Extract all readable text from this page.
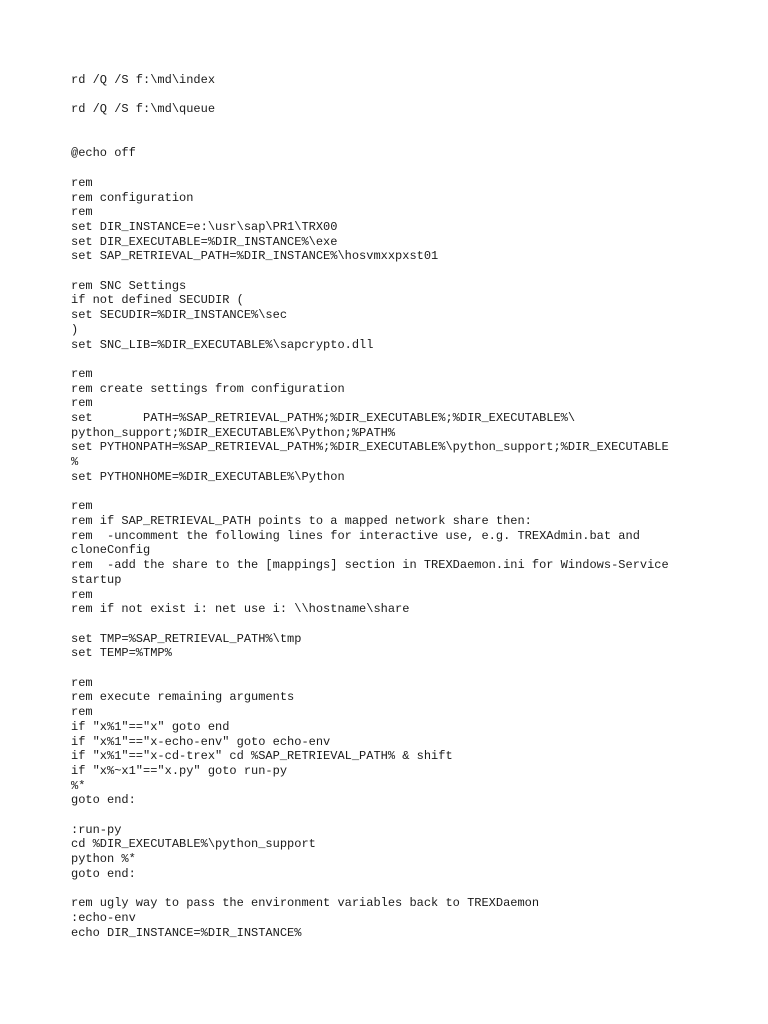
rd /Q /S f:\md\index
rd /Q /S f:\md\queue
@echo off
rem
rem configuration
rem
set DIR_INSTANCE=e:\usr\sap\PR1\TRX00
set DIR_EXECUTABLE=%DIR_INSTANCE%\exe
set SAP_RETRIEVAL_PATH=%DIR_INSTANCE%\hosvmxxpxst01
rem SNC Settings
if not defined SECUDIR (
set SECUDIR=%DIR_INSTANCE%\sec
)
set SNC_LIB=%DIR_EXECUTABLE%\sapcrypto.dll
rem
rem create settings from configuration
rem
set       PATH=%SAP_RETRIEVAL_PATH%;%DIR_EXECUTABLE%;%DIR_EXECUTABLE%\
python_support;%DIR_EXECUTABLE%\Python;%PATH%
set PYTHONPATH=%SAP_RETRIEVAL_PATH%;%DIR_EXECUTABLE%\python_support;%DIR_EXECUTABLE
%
set PYTHONHOME=%DIR_EXECUTABLE%\Python
rem
rem if SAP_RETRIEVAL_PATH points to a mapped network share then:
rem  -uncomment the following lines for interactive use, e.g. TREXAdmin.bat and
cloneConfig
rem  -add the share to the [mappings] section in TREXDaemon.ini for Windows-Service
startup
rem
rem if not exist i: net use i: \\hostname\share
set TMP=%SAP_RETRIEVAL_PATH%\tmp
set TEMP=%TMP%
rem
rem execute remaining arguments
rem
if "x%1"=="x" goto end
if "x%1"=="x-echo-env" goto echo-env
if "x%1"=="x-cd-trex" cd %SAP_RETRIEVAL_PATH% & shift
if "x%~x1"=="x.py" goto run-py
%*
goto end:
:run-py
cd %DIR_EXECUTABLE%\python_support
python %*
goto end:
rem ugly way to pass the environment variables back to TREXDaemon
:echo-env
echo DIR_INSTANCE=%DIR_INSTANCE%
